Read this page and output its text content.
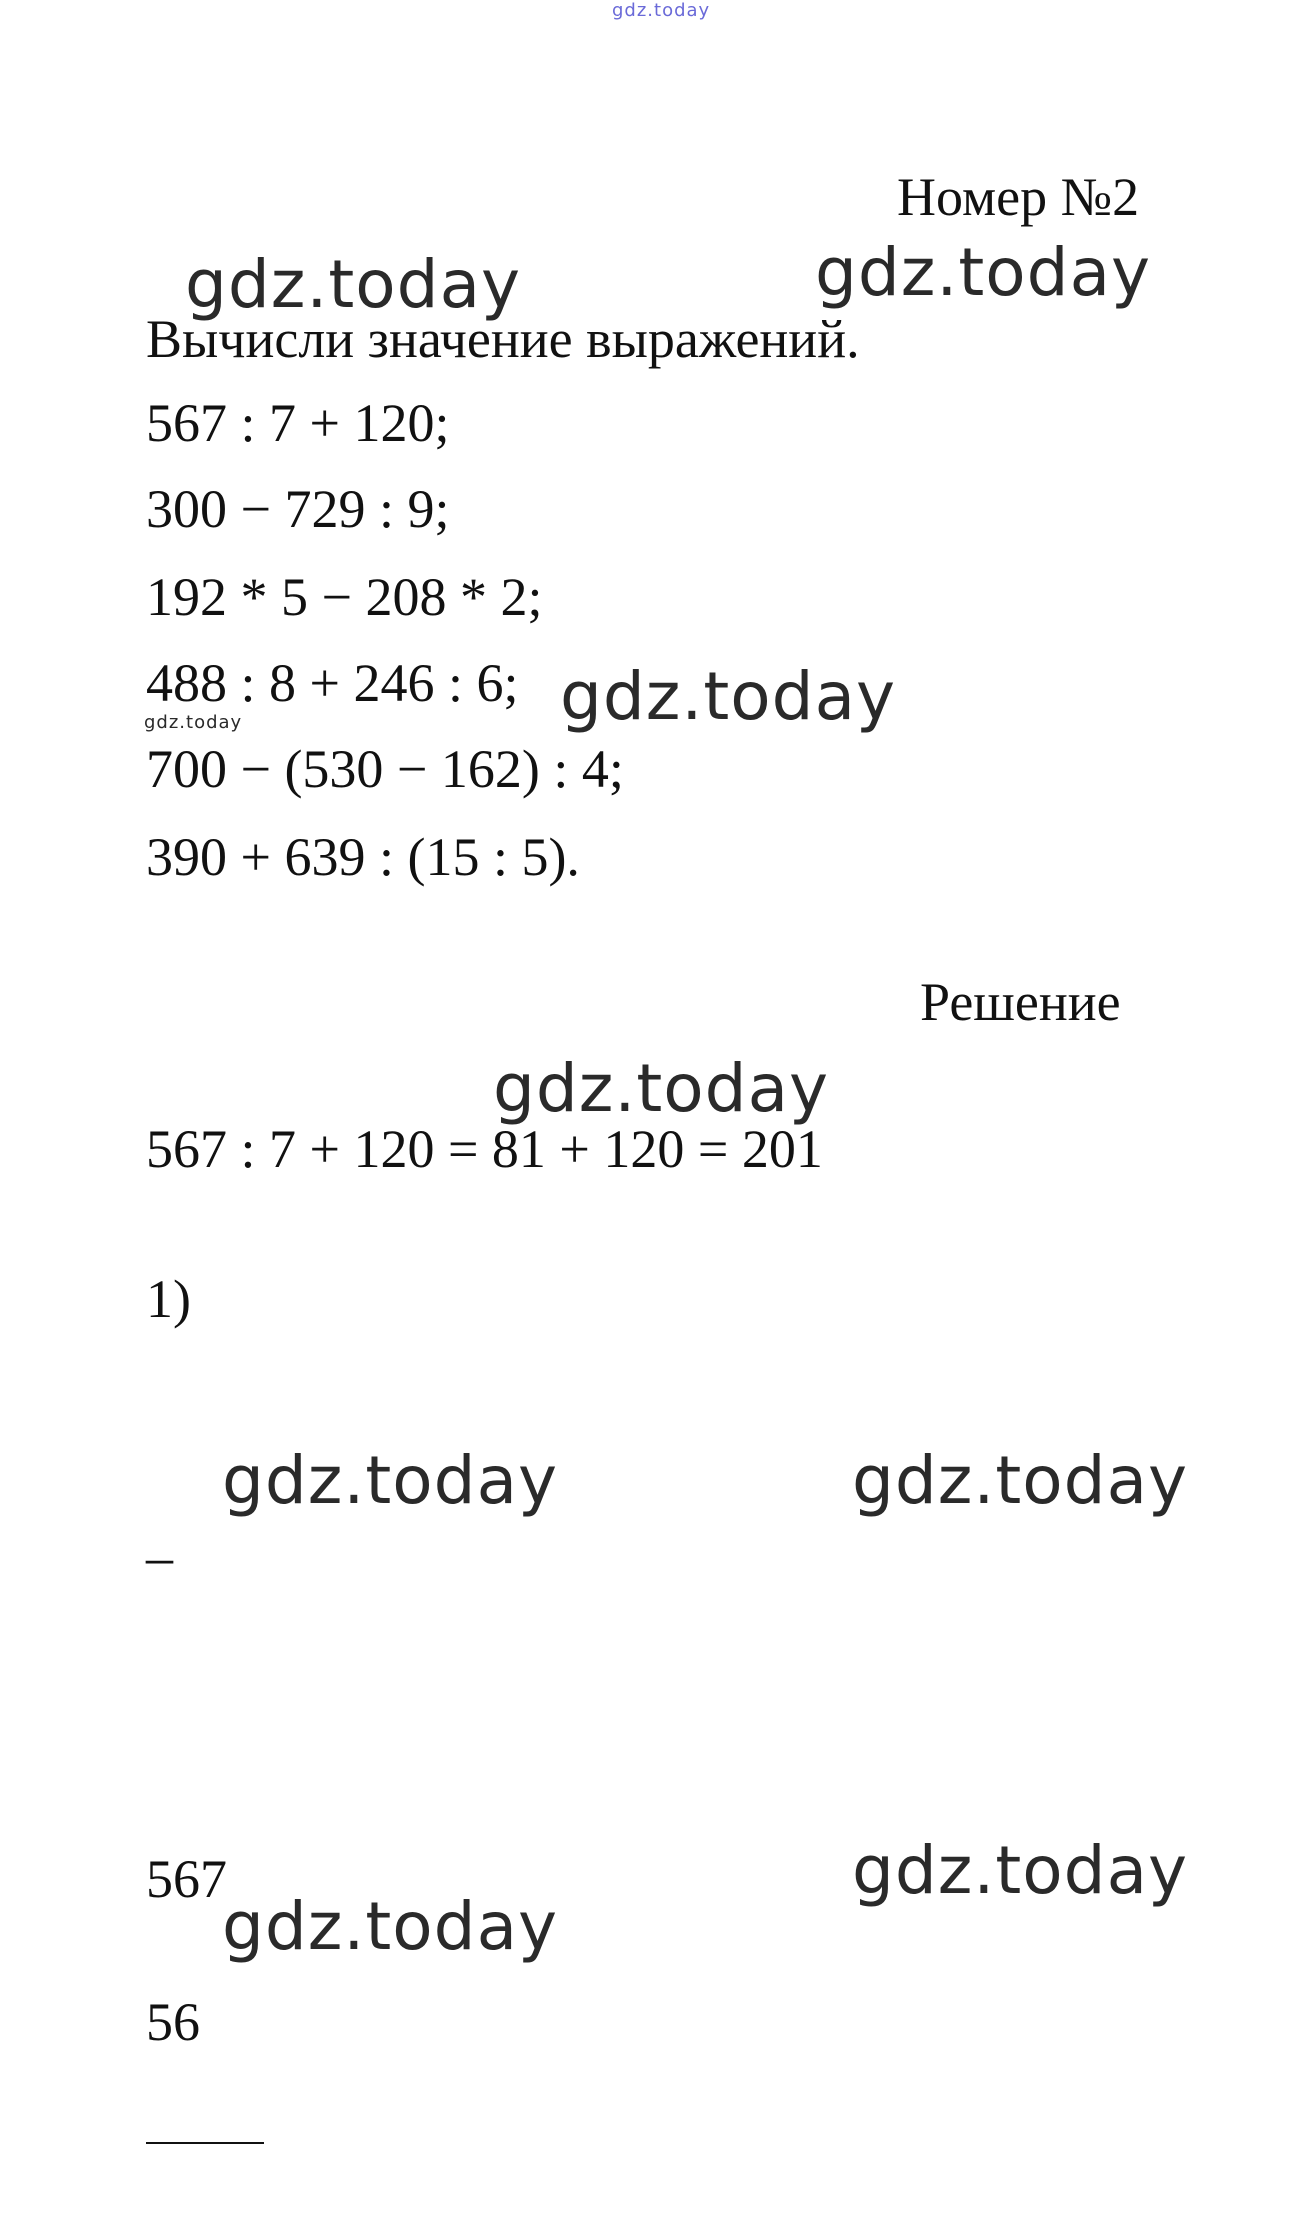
gdz.today
Номер №2
gdz.today	gdz.today
Вычисли значение выражений.
567 : 7 + 120;
300 − 729 : 9;
192 * 5 − 208 * 2;
488 : 8 + 246 : 6; gdz.today
gdz.today
700 − (530 − 162) : 4;
390 + 639 : (15 : 5).
Решение
gdz.today
567 : 7 + 120 = 81 + 120 = 201
1)
gdz.today	gdz.today
–
567	gdz.today
gdz.today
56
